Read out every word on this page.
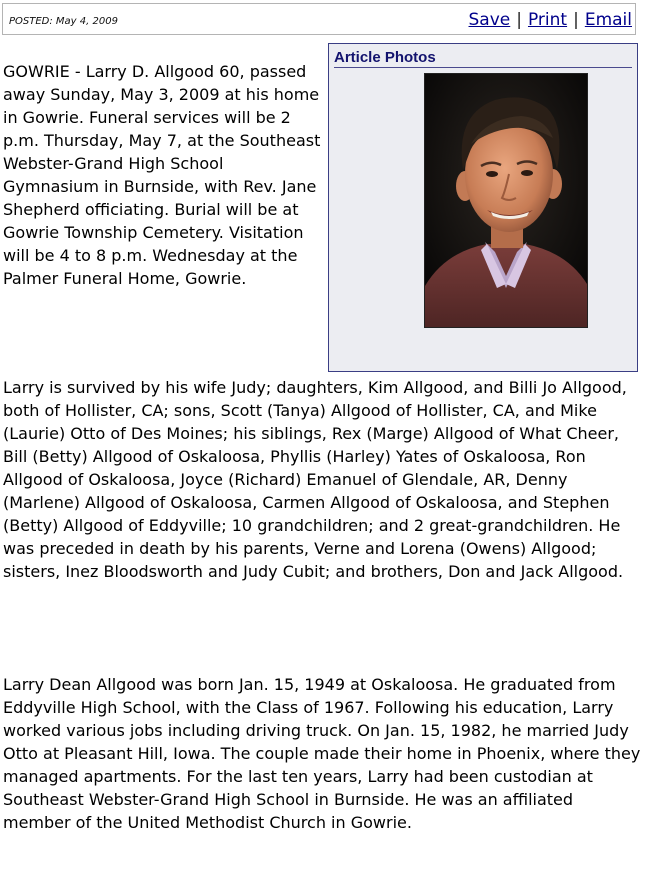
POSTED: May 4, 2009	Save | Print | Email
Article Photos

GOWRIE - Larry D. Allgood 60, passed away Sunday, May 3, 2009 at his home in Gowrie. Funeral services will be 2 p.m. Thursday, May 7, at the Southeast Webster-Grand High School Gymnasium in Burnside, with Rev. Jane Shepherd officiating. Burial will be at Gowrie Township Cemetery. Visitation will be 4 to 8 p.m. Wednesday at the Palmer Funeral Home, Gowrie.

Larry is survived by his wife Judy; daughters, Kim Allgood, and Billi Jo Allgood, both of Hollister, CA; sons, Scott (Tanya) Allgood of Hollister, CA, and Mike (Laurie) Otto of Des Moines; his siblings, Rex (Marge) Allgood of What Cheer, Bill (Betty) Allgood of Oskaloosa, Phyllis (Harley) Yates of Oskaloosa, Ron Allgood of Oskaloosa, Joyce (Richard) Emanuel of Glendale, AR, Denny (Marlene) Allgood of Oskaloosa, Carmen Allgood of Oskaloosa, and Stephen (Betty) Allgood of Eddyville; 10 grandchildren; and 2 great-grandchildren. He was preceded in death by his parents, Verne and Lorena (Owens) Allgood; sisters, Inez Bloodsworth and Judy Cubit; and brothers, Don and Jack Allgood.

Larry Dean Allgood was born Jan. 15, 1949 at Oskaloosa. He graduated from Eddyville High School, with the Class of 1967. Following his education, Larry worked various jobs including driving truck. On Jan. 15, 1982, he married Judy Otto at Pleasant Hill, Iowa. The couple made their home in Phoenix, where they managed apartments. For the last ten years, Larry had been custodian at Southeast Webster-Grand High School in Burnside. He was an affiliated member of the United Methodist Church in Gowrie.
